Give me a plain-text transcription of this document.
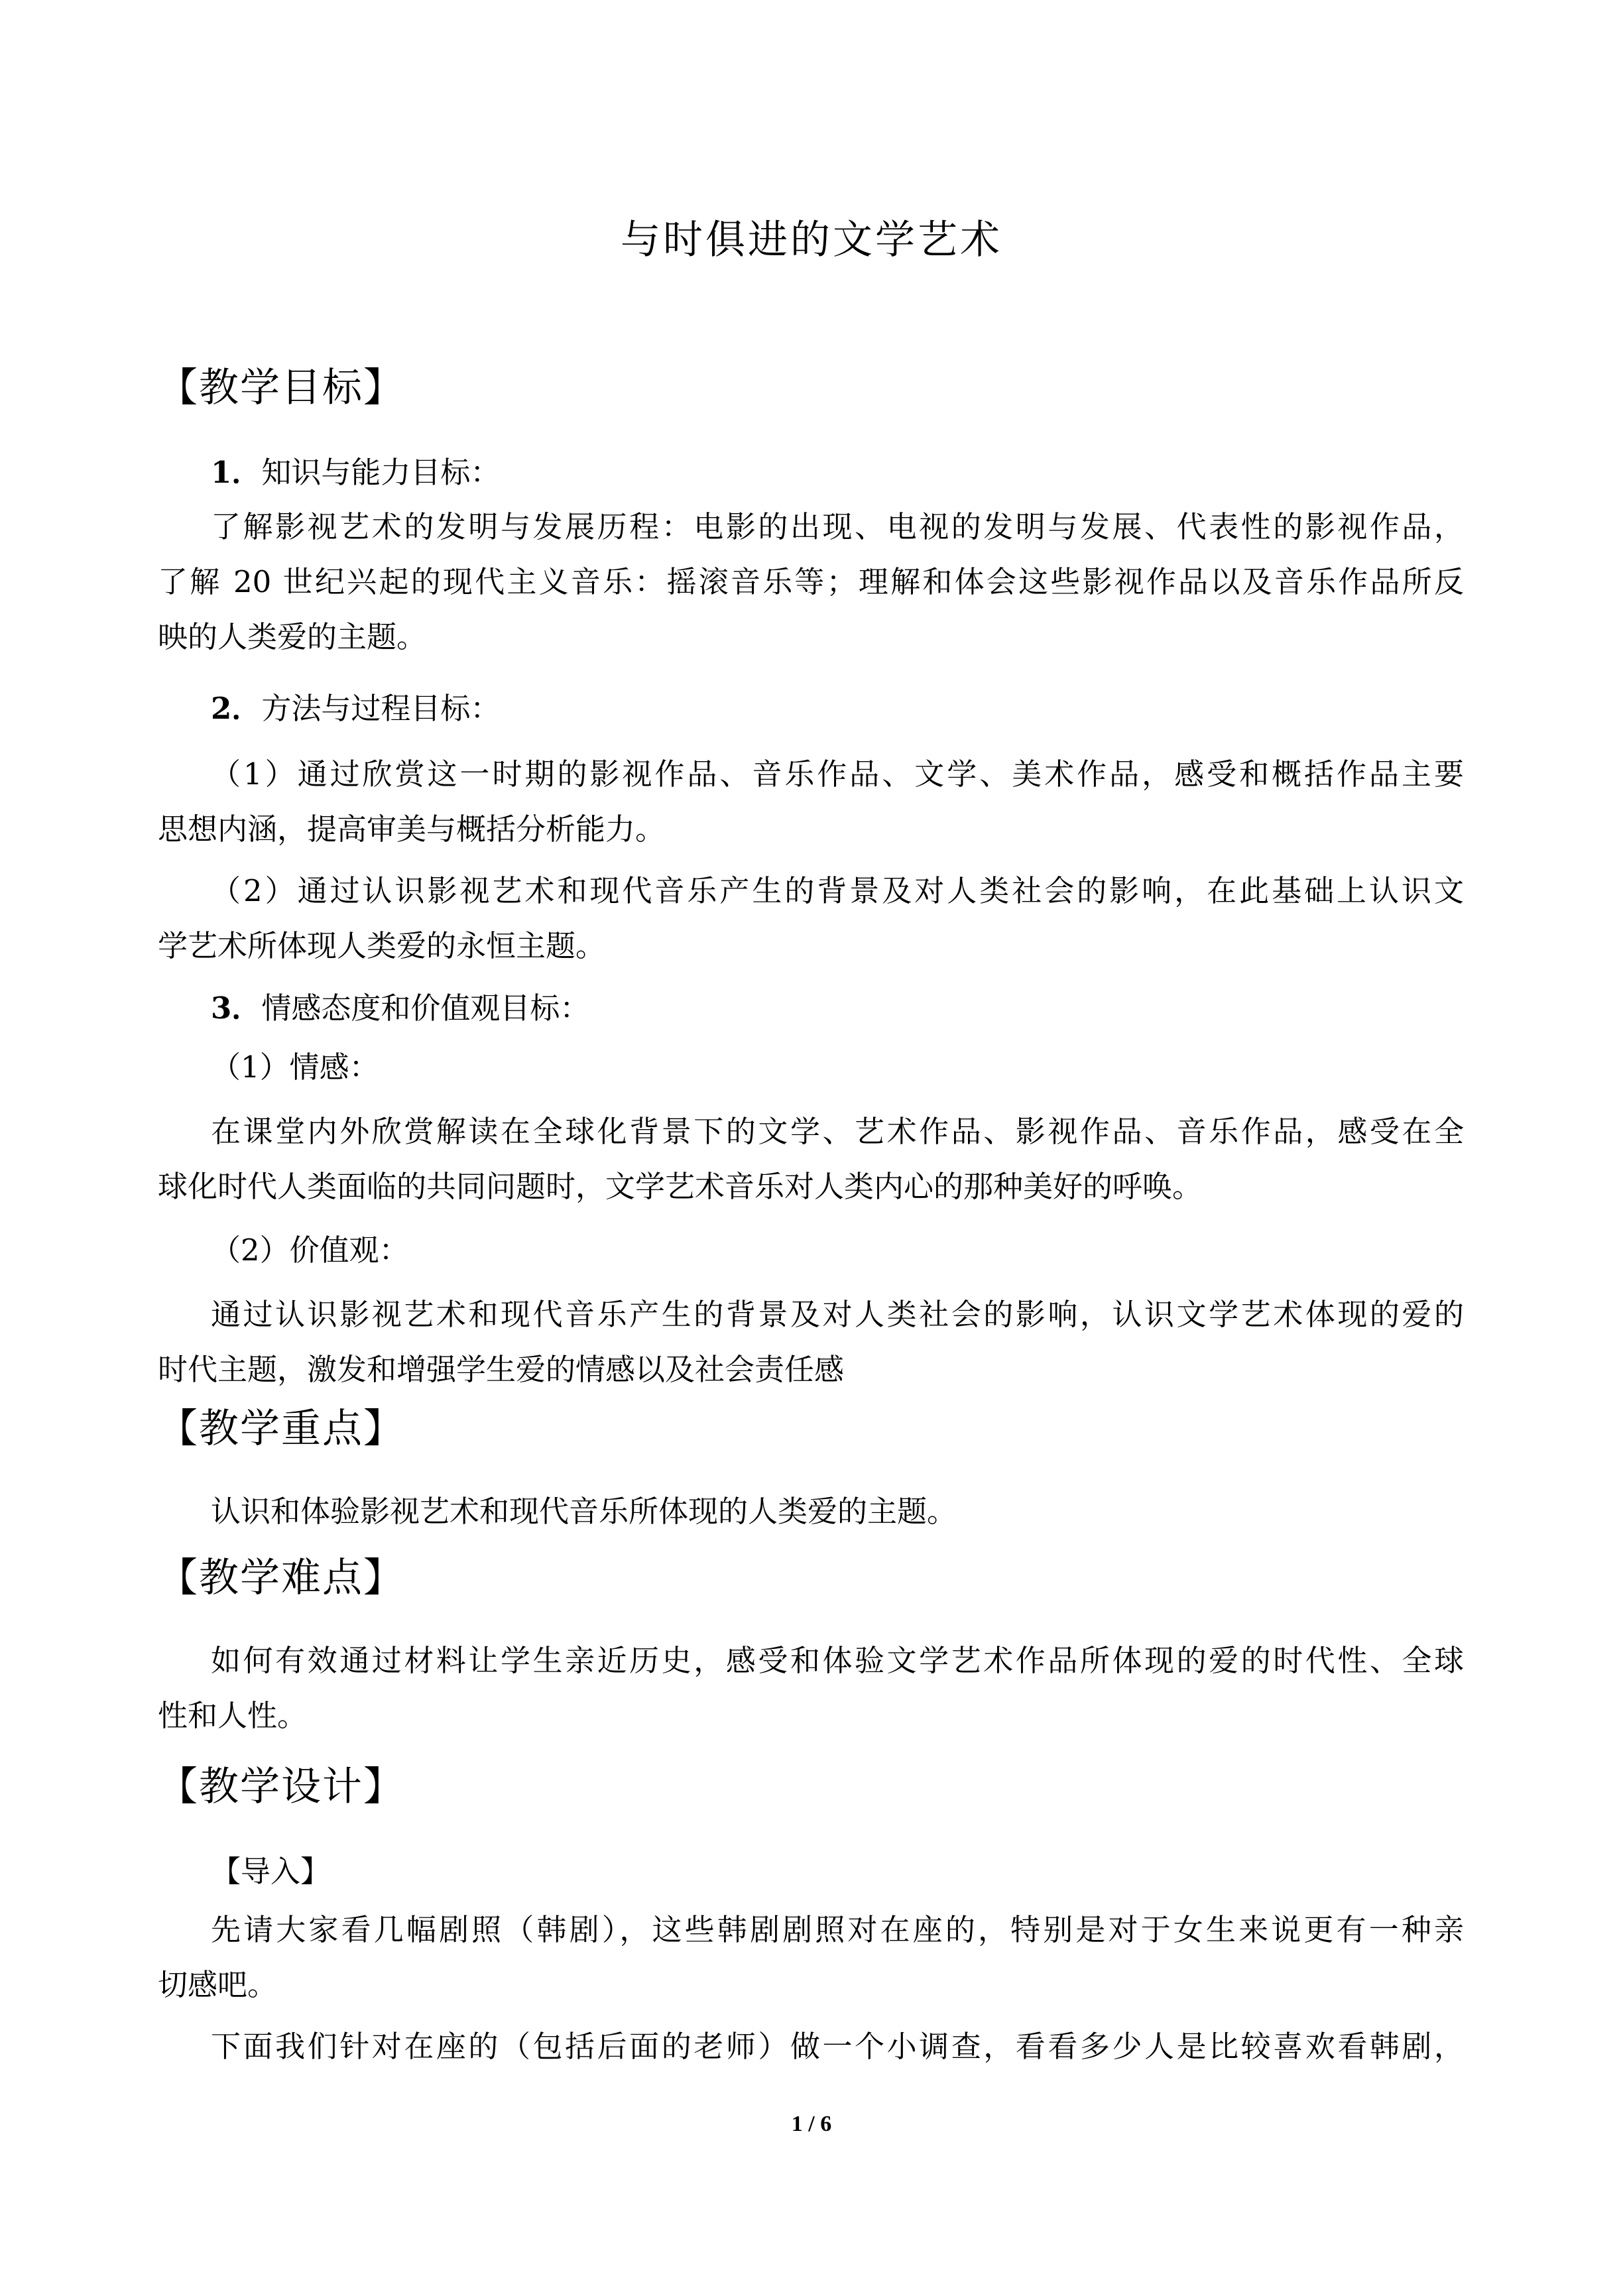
与时俱进的文学艺术
【教学目标】
1．知识与能力目标：
了解影视艺术的发明与发展历程：电影的出现、电视的发明与发展、代表性的影视作品，
了解 20 世纪兴起的现代主义音乐：摇滚音乐等；理解和体会这些影视作品以及音乐作品所反
映的人类爱的主题。
2．方法与过程目标：
（1）通过欣赏这一时期的影视作品、音乐作品、文学、美术作品，感受和概括作品主要
思想内涵，提高审美与概括分析能力。
（2）通过认识影视艺术和现代音乐产生的背景及对人类社会的影响，在此基础上认识文
学艺术所体现人类爱的永恒主题。
3．情感态度和价值观目标：
（1）情感：
在课堂内外欣赏解读在全球化背景下的文学、艺术作品、影视作品、音乐作品，感受在全
球化时代人类面临的共同问题时，文学艺术音乐对人类内心的那种美好的呼唤。
（2）价值观：
通过认识影视艺术和现代音乐产生的背景及对人类社会的影响，认识文学艺术体现的爱的
时代主题，激发和增强学生爱的情感以及社会责任感
【教学重点】
认识和体验影视艺术和现代音乐所体现的人类爱的主题。
【教学难点】
如何有效通过材料让学生亲近历史，感受和体验文学艺术作品所体现的爱的时代性、全球
性和人性。
【教学设计】
【导入】
先请大家看几幅剧照（韩剧），这些韩剧剧照对在座的，特别是对于女生来说更有一种亲
切感吧。
下面我们针对在座的（包括后面的老师）做一个小调查，看看多少人是比较喜欢看韩剧，
1 / 6
